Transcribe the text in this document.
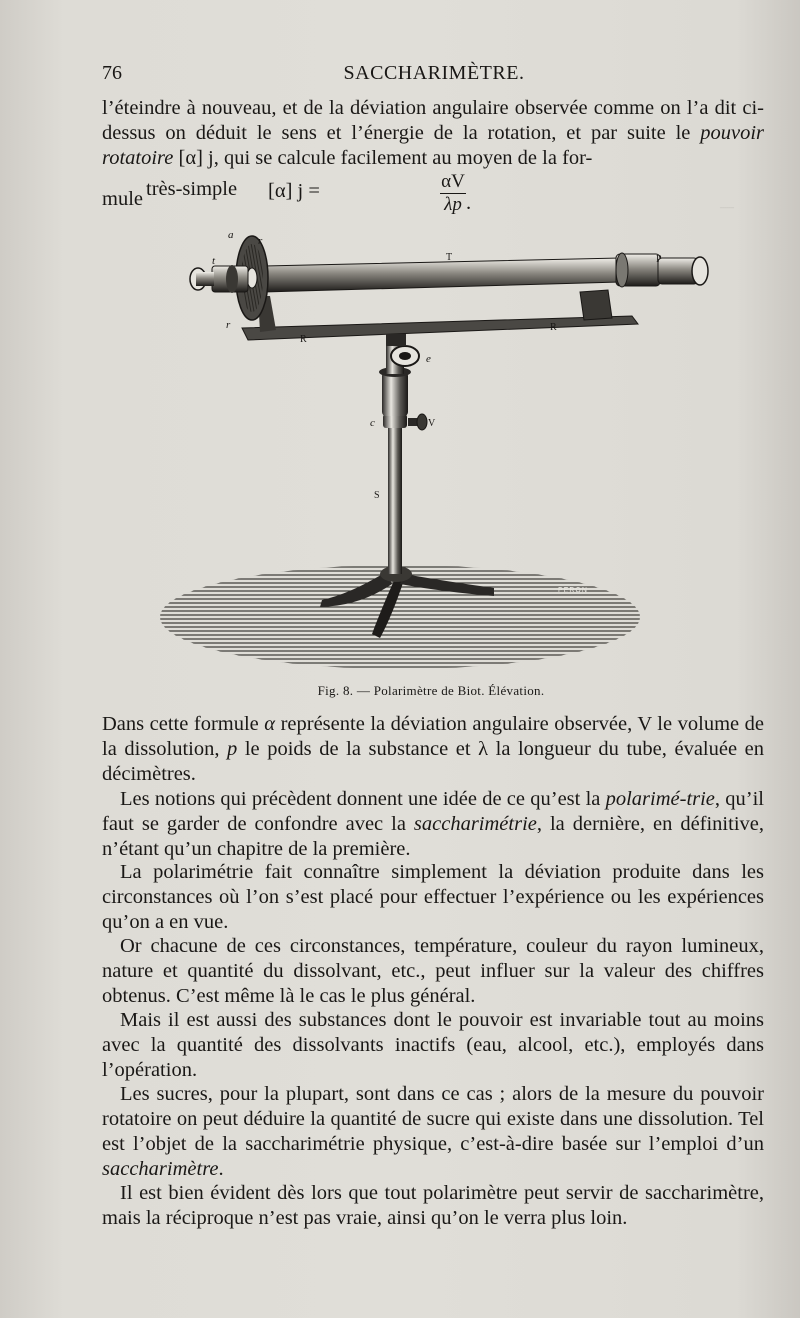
76	SACCHARIMÈTRE.
—

l’éteindre à nouveau, et de la déviation angulaire observée comme on l’a dit ci-dessus on déduit le sens et l’énergie de la rotation, et par suite le pouvoir rotatoire [α] j, qui se calcule facilement au moyen de la for-

mule très-simple [α] j =	αV
λp .
a r
t	T	P
r
R
R
e
c	V
S
PERON
Fig. 8. — Polarimètre de Biot. Élévation.

Dans cette formule α représente la déviation angulaire observée, V le volume de la dissolution, p le poids de la substance et λ la longueur du tube, évaluée en décimètres.

Les notions qui précèdent donnent une idée de ce qu’est la polarimé-trie, qu’il faut se garder de confondre avec la saccharimétrie, la dernière, en définitive, n’étant qu’un chapitre de la première.

La polarimétrie fait connaître simplement la déviation produite dans les circonstances où l’on s’est placé pour effectuer l’expérience ou les expériences qu’on a en vue.

Or chacune de ces circonstances, température, couleur du rayon lumineux, nature et quantité du dissolvant, etc., peut influer sur la valeur des chiffres obtenus. C’est même là le cas le plus général.

Mais il est aussi des substances dont le pouvoir est invariable tout au moins avec la quantité des dissolvants inactifs (eau, alcool, etc.), employés dans l’opération.

Les sucres, pour la plupart, sont dans ce cas ; alors de la mesure du pouvoir rotatoire on peut déduire la quantité de sucre qui existe dans une dissolution. Tel est l’objet de la saccharimétrie physique, c’est-à-dire basée sur l’emploi d’un saccharimètre.

Il est bien évident dès lors que tout polarimètre peut servir de saccharimètre, mais la réciproque n’est pas vraie, ainsi qu’on le verra plus loin.
